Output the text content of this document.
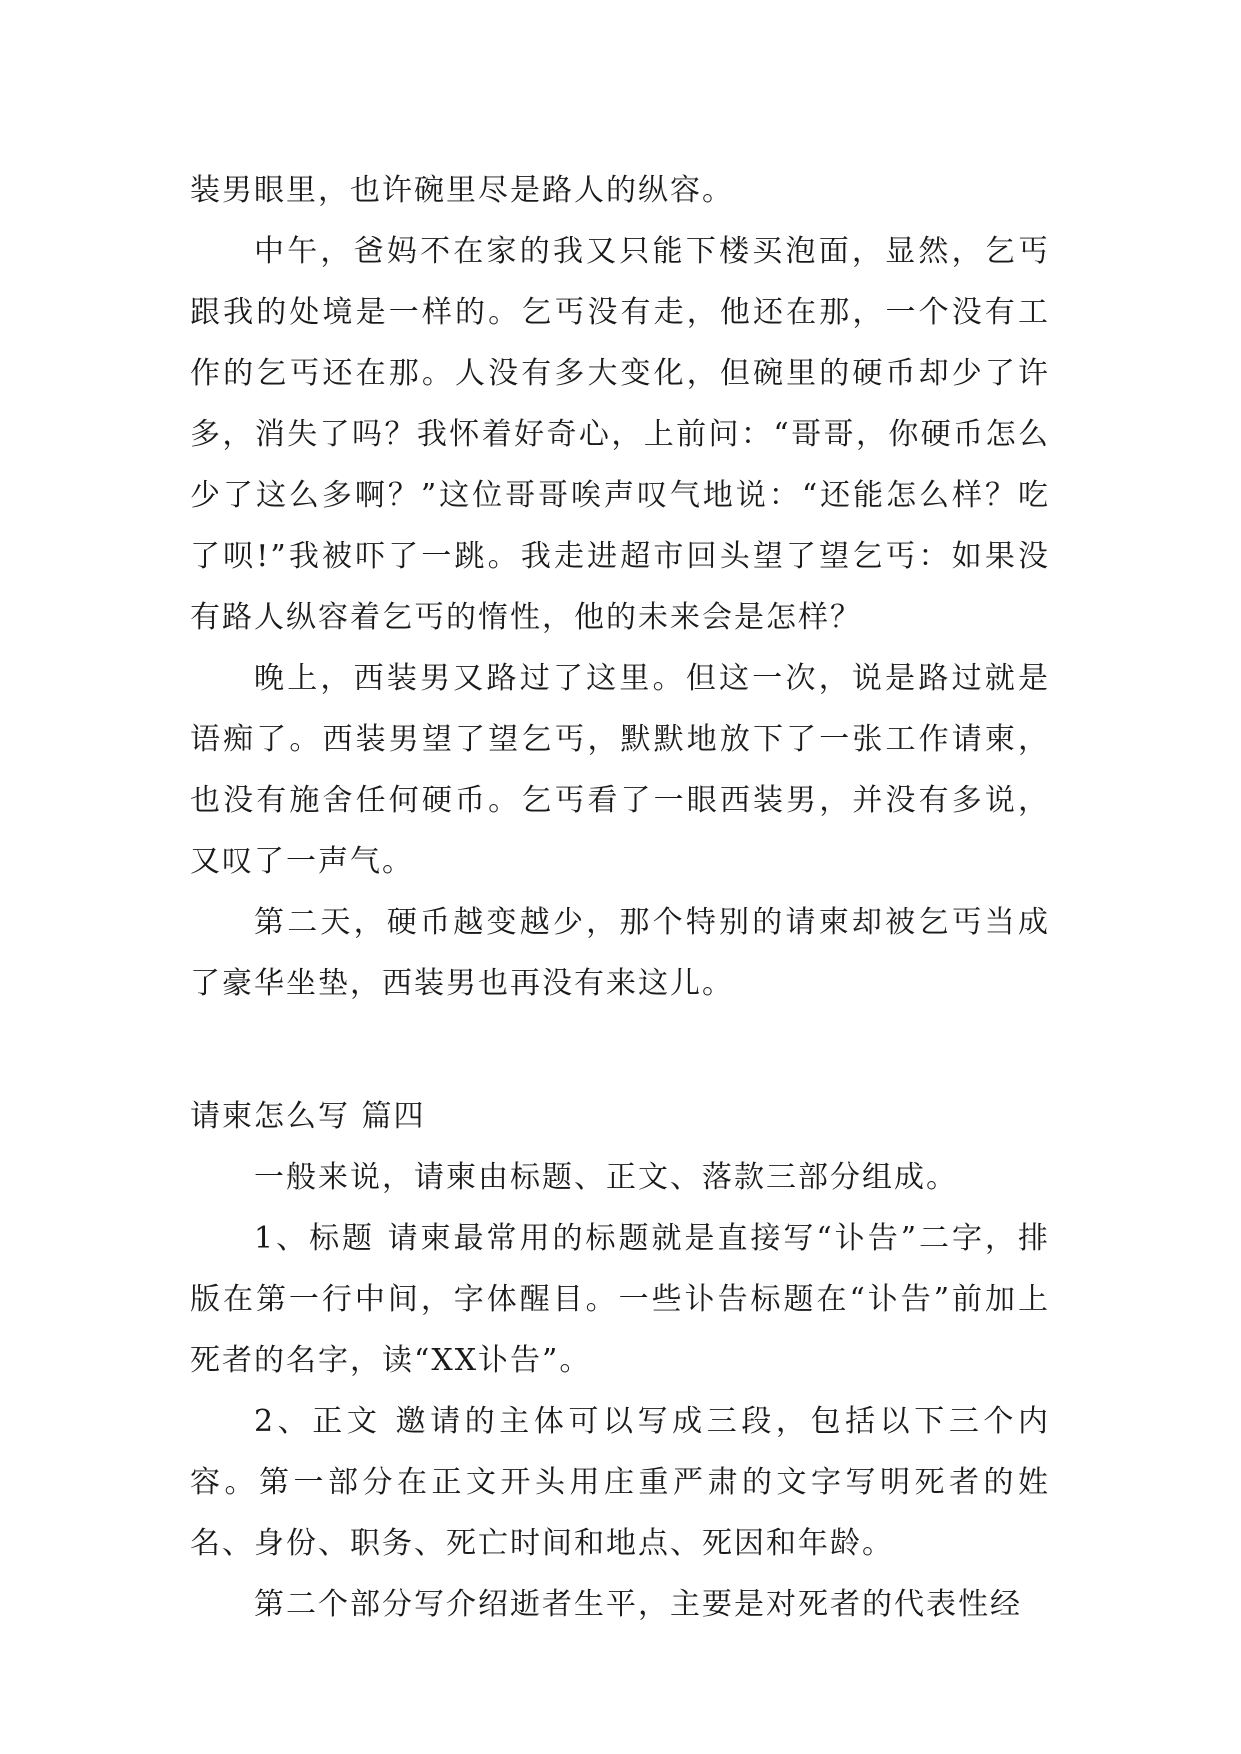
装男眼里，也许碗里尽是路人的纵容。

中午，爸妈不在家的我又只能下楼买泡面，显然，乞丐跟我的处境是一样的。乞丐没有走，他还在那，一个没有工作的乞丐还在那。人没有多大变化，但碗里的硬币却少了许多，消失了吗？我怀着好奇心，上前问：“哥哥，你硬币怎么少了这么多啊？”这位哥哥唉声叹气地说：“还能怎么样？吃了呗!”我被吓了一跳。我走进超市回头望了望乞丐：如果没有路人纵容着乞丐的惰性，他的未来会是怎样？

晚上，西装男又路过了这里。但这一次，说是路过就是语痴了。西装男望了望乞丐，默默地放下了一张工作请柬，也没有施舍任何硬币。乞丐看了一眼西装男，并没有多说，又叹了一声气。

第二天，硬币越变越少，那个特别的请柬却被乞丐当成了豪华坐垫，西装男也再没有来这儿。

请柬怎么写 篇四

一般来说，请柬由标题、正文、落款三部分组成。

1、标题 请柬最常用的标题就是直接写“讣告”二字，排版在第一行中间，字体醒目。一些讣告标题在“讣告”前加上死者的名字，读“XX讣告”。

2、正文 邀请的主体可以写成三段，包括以下三个内容。第一部分在正文开头用庄重严肃的文字写明死者的姓名、身份、职务、死亡时间和地点、死因和年龄。

第二个部分写介绍逝者生平，主要是对死者的代表性经
